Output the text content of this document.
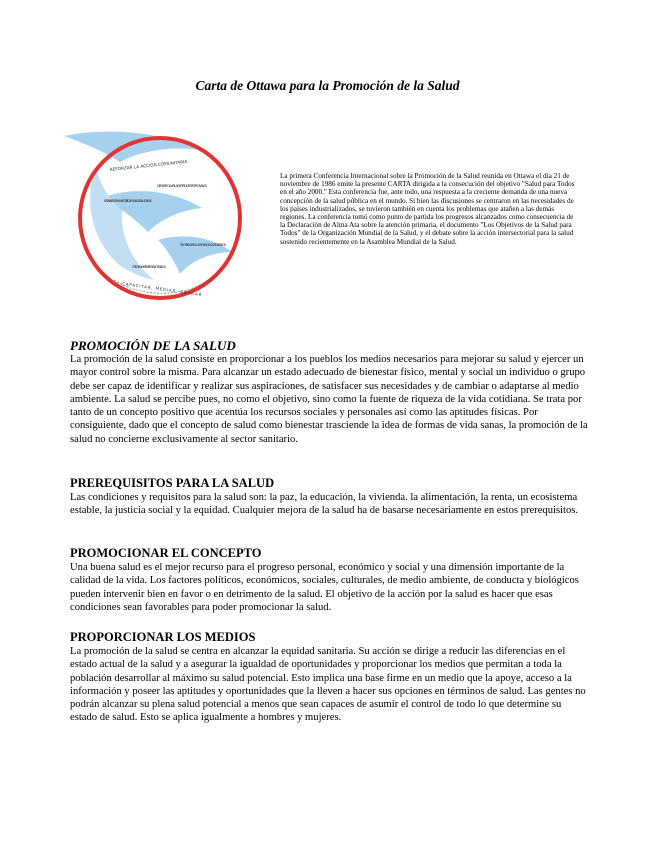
Carta de Ottawa para la Promoción de la Salud
REFORZAR LA ACCIÓN COMUNITARIA
DESARROLLAR LAS APTITUDES PERSONALES
ESTABLECER UNA POLÍTICA PÚBLICA SALUDABLE
REORIENTAR LOS SERVICIOS SANITARIOS
CREAR AMBIENTES FAVORABLES
CAPACITAR, MEDIAR, ABOGAR
La primera Conferencia Internacional sobre la Promoción de la Salud reunida en Ottawa el día 21 de noviembre de 1986 emite la presente CARTA dirigida a la consecución del objetivo "Salud para Todos en el año 2000." Esta conferencia fue, ante todo, una respuesta a la creciente demanda de una nueva concepción de la salud pública en el mundo. Si bien las discusiones se centraron en las necesidades de los países industrializados, se tuvieron también en cuenta los problemas que atañen a las demás regiones. La conferencia tomó como punto de partida los progresos alcanzados como consecuencia de la Declaración de Alma Ata sobre la atención primaria, el documento "Los Objetivos de la Salud para Todos" de la Organización Mundial de la Salud, y el debate sobre la acción intersectorial para la salud sostenido recientemente en la Asamblea Mundial de la Salud.
PROMOCIÓN DE LA SALUD

La promoción de la salud consiste en proporcionar a los pueblos los medios necesarios para mejorar su salud y ejercer un mayor control sobre la misma. Para alcanzar un estado adecuado de bienestar físico, mental y social un individuo o grupo debe ser capaz de identificar y realizar sus aspiraciones, de satisfacer sus necesidades y de cambiar o adaptarse al medio ambiente. La salud se percibe pues, no como el objetivo, sino como la fuente de riqueza de la vida cotidiana. Se trata por tanto de un concepto positivo que acentúa los recursos sociales y personales así como las aptitudes físicas. Por consiguiente, dado que el concepto de salud como bienestar trasciende la idea de formas de vida sanas, la promoción de la salud no concierne exclusivamente al sector sanitario.

PREREQUISITOS PARA LA SALUD

Las condiciones y requisitos para la salud son: la paz, la educación, la vivienda. la alimentación, la renta, un ecosistema estable, la justicia social y la equidad. Cualquier mejora de la salud ha de basarse necesariamente en estos prerequisitos.

PROMOCIONAR EL CONCEPTO

Una buena salud es el mejor recurso para el progreso personal, económico y social y una dimensión importante de la calidad de la vida. Los factores políticos, económicos, sociales, culturales, de medio ambiente, de conducta y biológicos pueden intervenir bien en favor o en detrimento de la salud. El objetivo de la acción por la salud es hacer que esas condiciones sean favorables para poder promocionar la salud.

PROPORCIONAR LOS MEDIOS

La promoción de la salud se centra en alcanzar la equidad sanitaria. Su acción se dirige a reducir las diferencias en el estado actual de la salud y a asegurar la igualdad de oportunidades y proporcionar los medios que permitan a toda la población desarrollar al máximo su salud potencial. Esto implica una base firme en un medio que la apoye, acceso a la información y poseer las aptitudes y oportunidades que la lleven a hacer sus opciones en términos de salud. Las gentes no podrán alcanzar su plena salud potencial a menos que sean capaces de asumir el control de todo lo que determine su estado de salud. Esto se aplica igualmente a hombres y mujeres.
